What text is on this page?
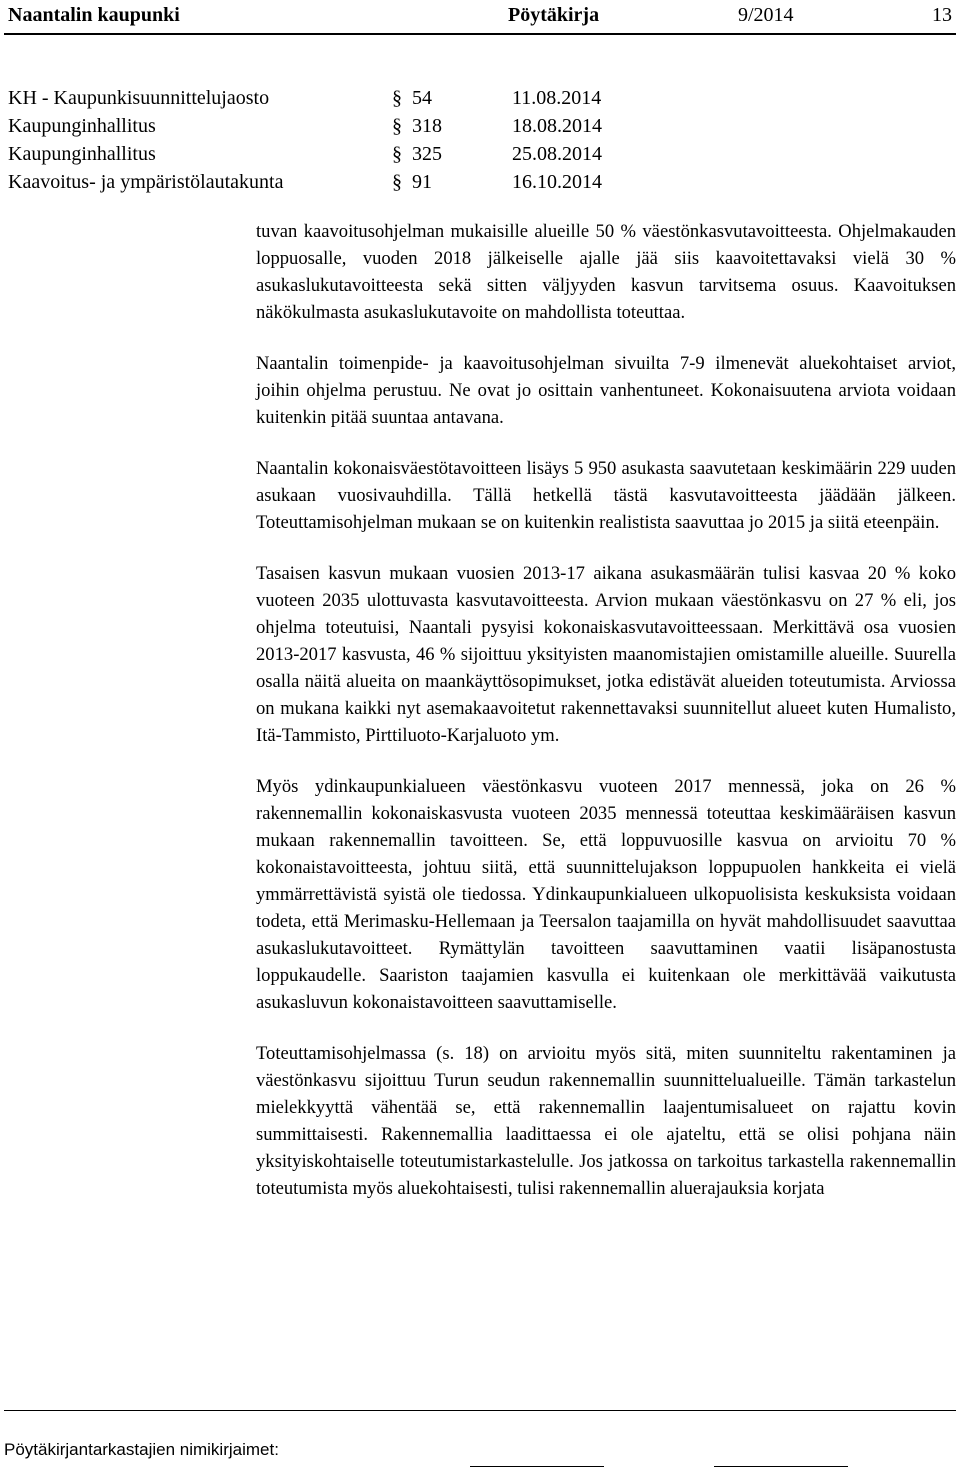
Naantalin kaupunki	Pöytäkirja	9/2014	13
KH - Kaupunkisuunnittelujaosto	§ 54	11.08.2014
Kaupunginhallitus	§ 318	18.08.2014
Kaupunginhallitus	§ 325	25.08.2014
Kaavoitus- ja ympäristölautakunta	§ 91	16.10.2014

tuvan kaavoitusohjelman mukaisille alueille 50 % väestönkasvutavoitteesta. Ohjelmakauden loppuosalle, vuoden 2018 jälkeiselle ajalle jää siis kaavoitettavaksi vielä 30 % asukaslukutavoitteesta sekä sitten väljyyden kasvun tarvitsema osuus. Kaavoituksen näkökulmasta asukaslukutavoite on mahdollista toteuttaa.

Naantalin toimenpide- ja kaavoitusohjelman sivuilta 7-9 ilmenevät aluekohtaiset arviot, joihin ohjelma perustuu. Ne ovat jo osittain vanhentuneet. Kokonaisuutena arviota voidaan kuitenkin pitää suuntaa antavana.

Naantalin kokonaisväestötavoitteen lisäys 5 950 asukasta saavutetaan keskimäärin 229 uuden asukaan vuosivauhdilla. Tällä hetkellä tästä kasvutavoitteesta jäädään jälkeen. Toteuttamisohjelman mukaan se on kuitenkin realistista saavuttaa jo 2015 ja siitä eteenpäin.

Tasaisen kasvun mukaan vuosien 2013-17 aikana asukasmäärän tulisi kasvaa 20 % koko vuoteen 2035 ulottuvasta kasvutavoitteesta. Arvion mukaan väestönkasvu on 27 % eli, jos ohjelma toteutuisi, Naantali pysyisi kokonaiskasvutavoitteessaan. Merkittävä osa vuosien 2013-2017 kasvusta, 46 % sijoittuu yksityisten maanomistajien omistamille alueille. Suurella osalla näitä alueita on maankäyttösopimukset, jotka edistävät alueiden toteutumista. Arviossa on mukana kaikki nyt asemakaavoitetut rakennettavaksi suunnitellut alueet kuten Humalisto, Itä-Tammisto, Pirttiluoto-Karjaluoto ym.

Myös ydinkaupunkialueen väestönkasvu vuoteen 2017 mennessä, joka on 26 % rakennemallin kokonaiskasvusta vuoteen 2035 mennessä toteuttaa keskimääräisen kasvun mukaan rakennemallin tavoitteen. Se, että loppuvuosille kasvua on arvioitu 70 % kokonaistavoitteesta, johtuu siitä, että suunnittelujakson loppupuolen hankkeita ei vielä ymmärrettävistä syistä ole tiedossa. Ydinkaupunkialueen ulkopuolisista keskuksista voidaan todeta, että Merimasku-Hellemaan ja Teersalon taajamilla on hyvät mahdollisuudet saavuttaa asukaslukutavoitteet. Rymättylän tavoitteen saavuttaminen vaatii lisäpanostusta loppukaudelle. Saariston taajamien kasvulla ei kuitenkaan ole merkittävää vaikutusta asukasluvun kokonaistavoitteen saavuttamiselle.

Toteuttamisohjelmassa (s. 18) on arvioitu myös sitä, miten suunniteltu rakentaminen ja väestönkasvu sijoittuu Turun seudun rakennemallin suunnittelualueille. Tämän tarkastelun mielekkyyttä vähentää se, että rakennemallin laajentumisalueet on rajattu kovin summittaisesti. Rakennemallia laadittaessa ei ole ajateltu, että se olisi pohjana näin yksityiskohtaiselle toteutumistarkastelulle. Jos jatkossa on tarkoitus tarkastella rakennemallin toteutumista myös aluekohtaisesti, tulisi rakennemallin aluerajauksia korjata

Pöytäkirjantarkastajien nimikirjaimet:
